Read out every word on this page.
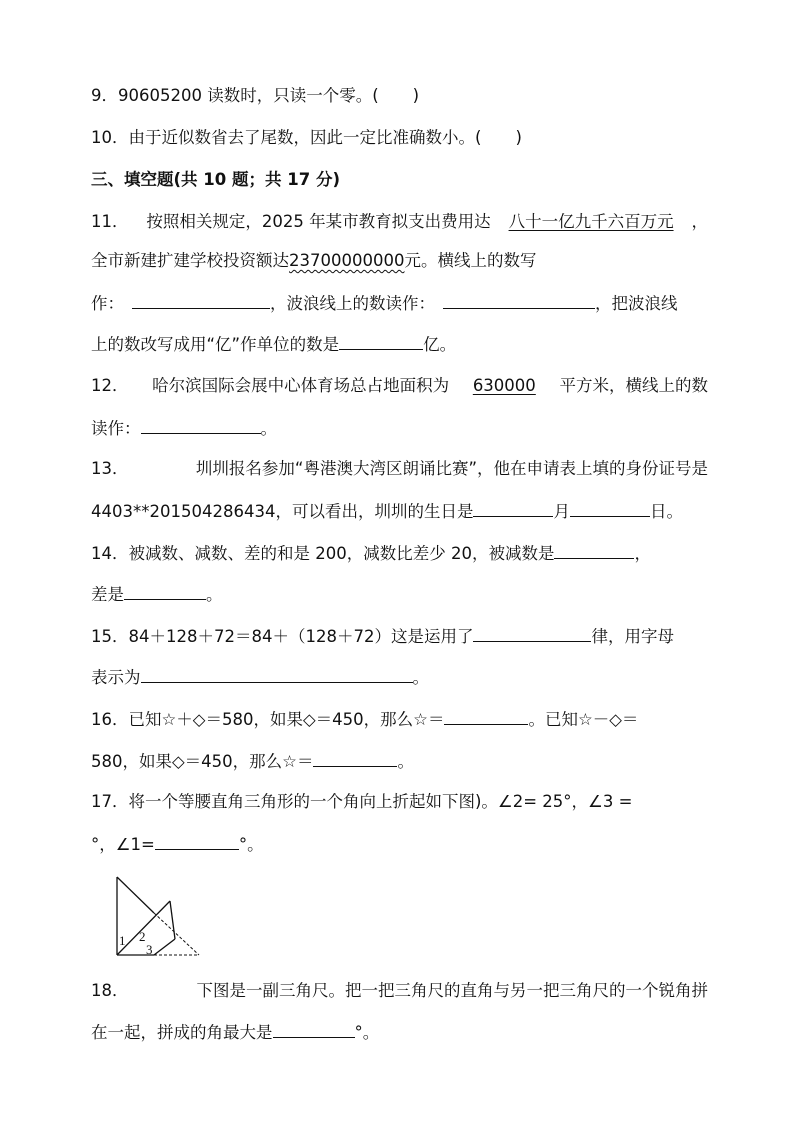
9．90605200 读数时，只读一个零。( )
10．由于近似数省去了尾数，因此一定比准确数小。( )
三、填空题(共 10 题；共 17 分)
11． 按照相关规定，2025 年某市教育拟支出费用达 八十一亿九千六百万元 ，
全市新建扩建学校投资额达23700000000元。横线上的数写
作：	，波浪线上的数读作：	，把波浪线
上的数改写成用“亿”作单位的数是	亿。
12． 哈尔滨国际会展中心体育场总占地面积为 630000 平方米，横线上的数
读作：	。
13．	圳圳报名参加“粤港澳大湾区朗诵比赛”，他在申请表上填的身份证号是
4403**201504286434，可以看出，圳圳的生日是	月	日。
14．被减数、减数、差的和是 200，减数比差少 20，被减数是	，
差是	。
15．84＋128＋72＝84＋（128＋72）这是运用了	律，用字母
表示为	。
16．已知☆＋◇＝580，如果◇＝450，那么☆＝	。已知☆－◇＝
580，如果◇＝450，那么☆＝	。
17．将一个等腰直角三角形的一个角向上折起如下图)。∠2= 25°，∠3 =
°，∠1=	°。
1 2
3
18．	下图是一副三角尺。把一把三角尺的直角与另一把三角尺的一个锐角拼
在一起，拼成的角最大是	°。
